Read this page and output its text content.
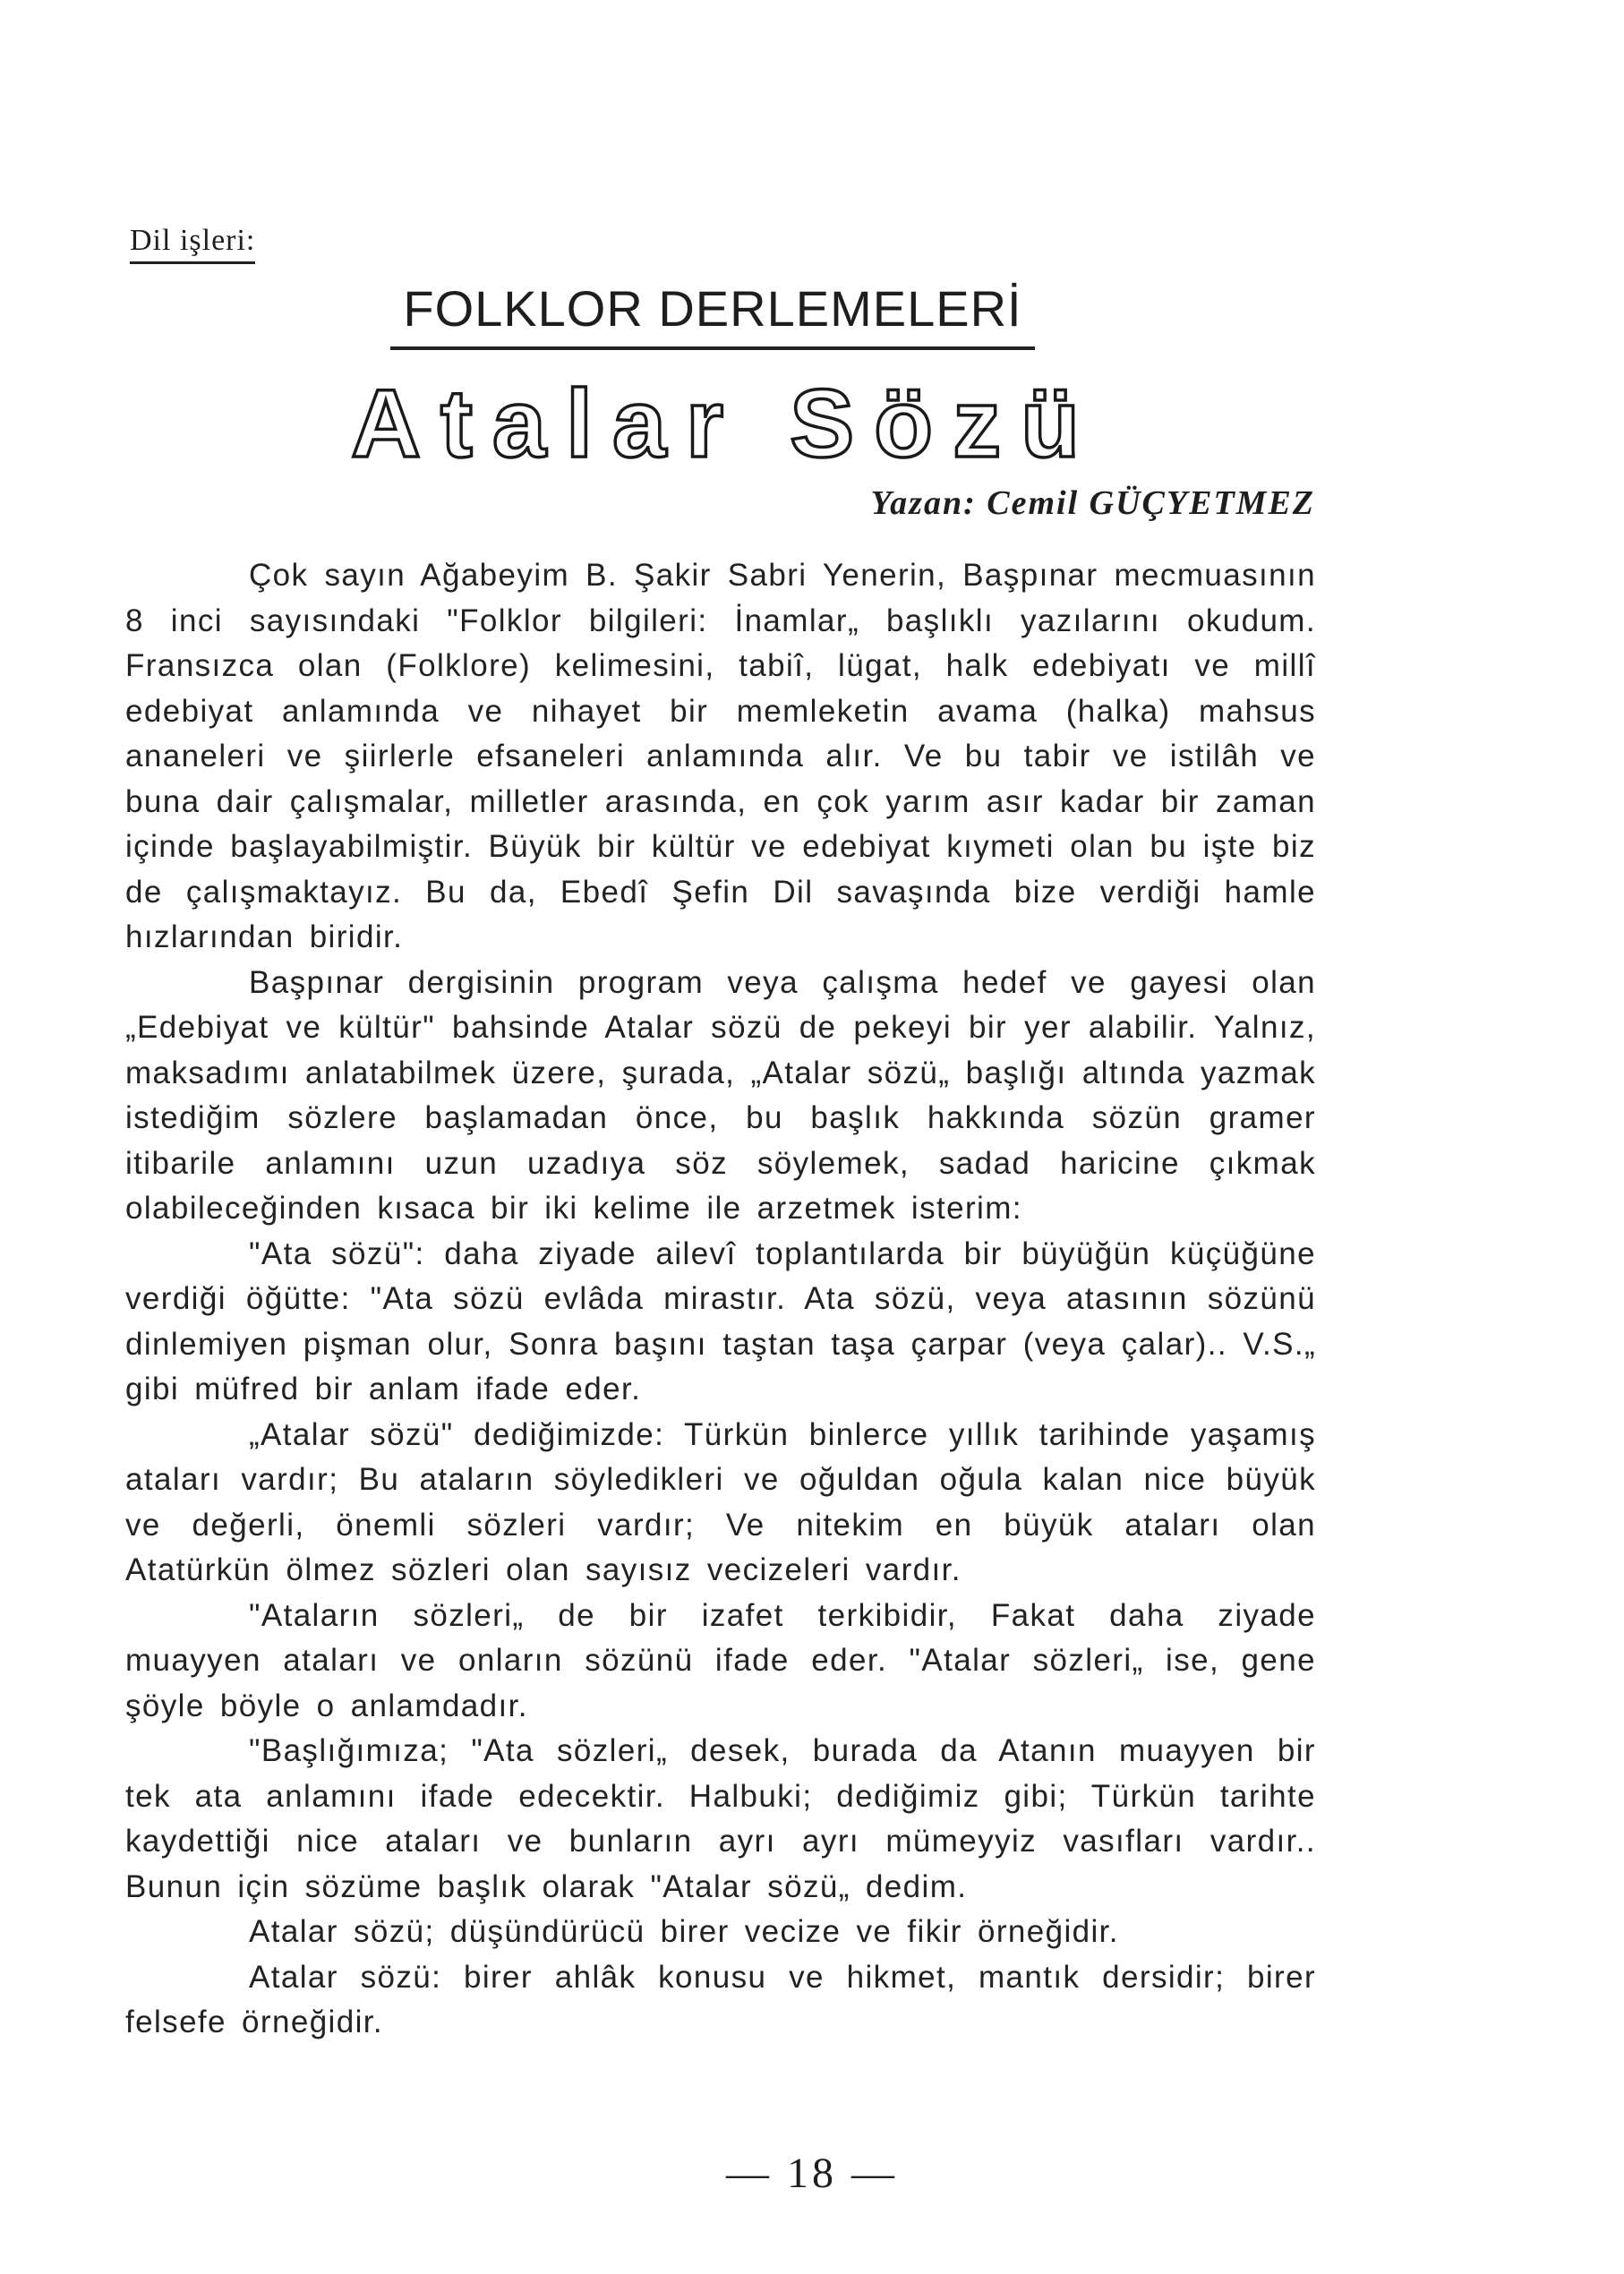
Dil işleri:
FOLKLOR DERLEMELERİ
Atalar Sözü
Yazan: Cemil GÜÇYETMEZ

Çok sayın Ağabeyim B. Şakir Sabri Yenerin, Başpınar mecmuasının 8 inci sayısındaki "Folklor bilgileri: İnamlar„ başlıklı yazılarını okudum. Fransızca olan (Folklore) kelimesini, tabiî, lügat, halk edebiyatı ve millî edebiyat anlamında ve nihayet bir memleketin avama (halka) mahsus ananeleri ve şiirlerle efsaneleri anlamında alır. Ve bu tabir ve istilâh ve buna dair çalışmalar, milletler arasında, en çok yarım asır kadar bir zaman içinde başlayabilmiştir. Büyük bir kültür ve edebiyat kıymeti olan bu işte biz de çalışmaktayız. Bu da, Ebedî Şefin Dil savaşında bize verdiği hamle hızlarından biridir.

Başpınar dergisinin program veya çalışma hedef ve gayesi olan „Edebiyat ve kültür" bahsinde Atalar sözü de pekeyi bir yer alabilir. Yalnız, maksadımı anlatabilmek üzere, şurada, „Atalar sözü„ başlığı altında yazmak istediğim sözlere başlamadan önce, bu başlık hakkında sözün gramer itibarile anlamını uzun uzadıya söz söylemek, sadad haricine çıkmak olabileceğinden kısaca bir iki kelime ile arzetmek isterim:

"Ata sözü": daha ziyade ailevî toplantılarda bir büyüğün küçüğüne verdiği öğütte: "Ata sözü evlâda mirastır. Ata sözü, veya atasının sözünü dinlemiyen pişman olur, Sonra başını taştan taşa çarpar (veya çalar).. V.S.„ gibi müfred bir anlam ifade eder.

„Atalar sözü" dediğimizde: Türkün binlerce yıllık tarihinde yaşamış ataları vardır; Bu ataların söyledikleri ve oğuldan oğula kalan nice büyük ve değerli, önemli sözleri vardır; Ve nitekim en büyük ataları olan Atatürkün ölmez sözleri olan sayısız vecizeleri vardır.

"Ataların sözleri„ de bir izafet terkibidir, Fakat daha ziyade muayyen ataları ve onların sözünü ifade eder. "Atalar sözleri„ ise, gene şöyle böyle o anlamdadır.

"Başlığımıza; "Ata sözleri„ desek, burada da Atanın muayyen bir tek ata anlamını ifade edecektir. Halbuki; dediğimiz gibi; Türkün tarihte kaydettiği nice ataları ve bunların ayrı ayrı mümeyyiz vasıfları vardır.. Bunun için sözüme başlık olarak "Atalar sözü„ dedim.

Atalar sözü; düşündürücü birer vecize ve fikir örneğidir.

Atalar sözü: birer ahlâk konusu ve hikmet, mantık dersidir; birer felsefe örneğidir.

— 18 —
